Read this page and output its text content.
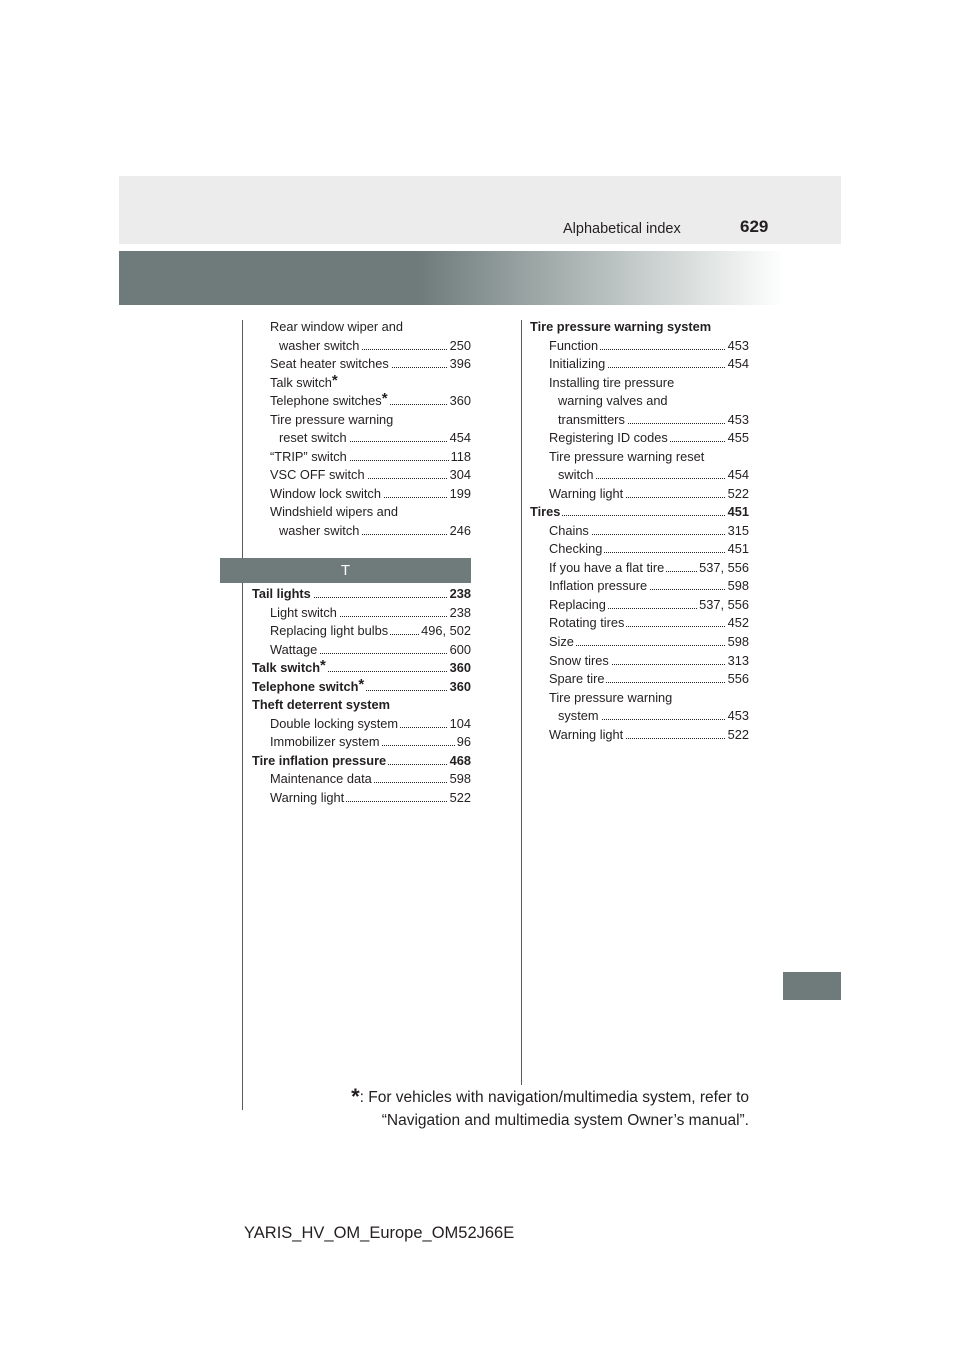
Alphabetical index	629
Rear window wiper and
washer switch	250
Seat heater switches	396
Talk switch*
Telephone switches*	360
Tire pressure warning
reset switch	454
“TRIP” switch	118
VSC OFF switch	304
Window lock switch	199
Windshield wipers and
washer switch	246
T
Tail lights	238
Light switch	238
Replacing light bulbs	496, 502
Wattage	600
Talk switch*	360
Telephone switch*	360
Theft deterrent system
Double locking system	104
Immobilizer system	96
Tire inflation pressure	468
Maintenance data	598
Warning light	522
Tire pressure warning system
Function	453
Initializing	454
Installing tire pressure
warning valves and
transmitters	453
Registering ID codes	455
Tire pressure warning reset
switch	454
Warning light	522
Tires	451
Chains	315
Checking	451
If you have a flat tire	537, 556
Inflation pressure	598
Replacing	537, 556
Rotating tires	452
Size	598
Snow tires	313
Spare tire	556
Tire pressure warning
system	453
Warning light	522
*: For vehicles with navigation/multimedia system, refer to
“Navigation and multimedia system Owner’s manual”.
YARIS_HV_OM_Europe_OM52J66E
